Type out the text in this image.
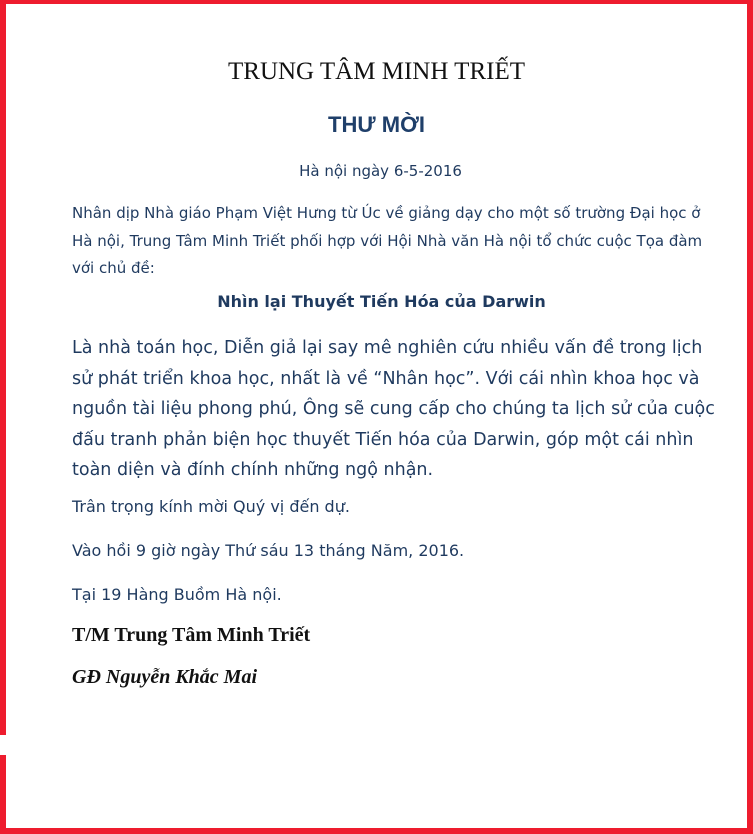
TRUNG TÂM MINH TRIẾT
THƯ MỜI
Hà nội ngày 6-5-2016

Nhân dịp Nhà giáo Phạm Việt Hưng từ Úc về giảng dạy cho một số trường Đại học ở Hà nội, Trung Tâm Minh Triết phối hợp với Hội Nhà văn Hà nội tổ chức cuộc Tọa đàm với chủ đề:

Nhìn lại Thuyết Tiến Hóa của Darwin

Là nhà toán học, Diễn giả lại say mê nghiên cứu nhiều vấn đề trong lịch sử phát triển khoa học, nhất là về “Nhân học”. Với cái nhìn khoa học và nguồn tài liệu phong phú, Ông sẽ cung cấp cho chúng ta lịch sử của cuộc đấu tranh phản biện học thuyết Tiến hóa của Darwin, góp một cái nhìn toàn diện và đính chính những ngộ nhận.

Trân trọng kính mời Quý vị đến dự.

Vào hồi 9 giờ ngày Thứ sáu 13 tháng Năm, 2016.

Tại 19 Hàng Buồm Hà nội.

T/M Trung Tâm Minh Triết

GĐ Nguyễn Khắc Mai
